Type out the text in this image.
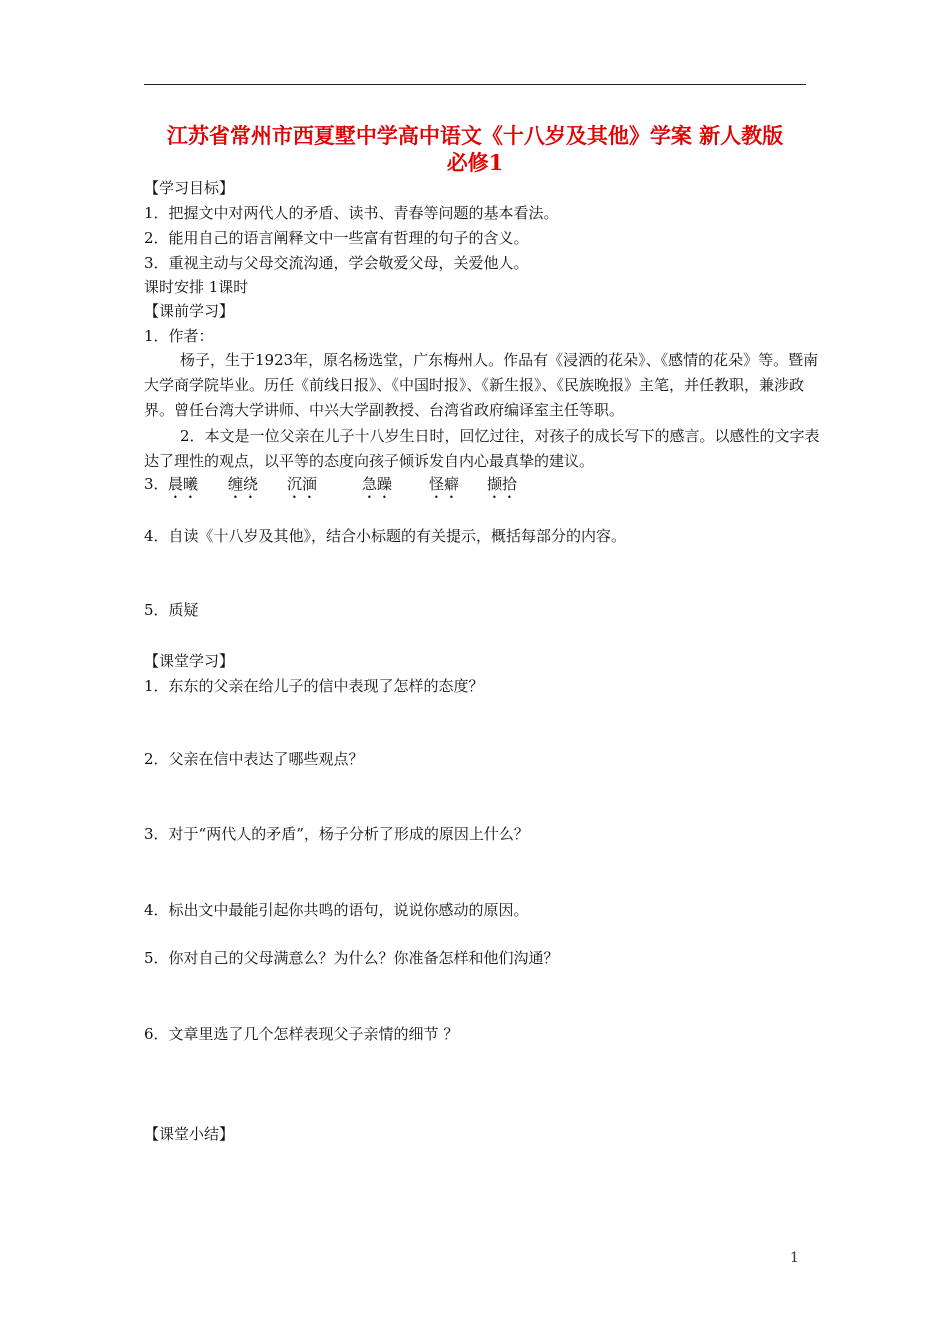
江苏省常州市西夏墅中学高中语文《十八岁及其他》学案 新人教版
必修1
【学习目标】
1．把握文中对两代人的矛盾、读书、青春等问题的基本看法。
2．能用自己的语言阐释文中一些富有哲理的句子的含义。
3．重视主动与父母交流沟通，学会敬爱父母，关爱他人。
课时安排 1课时
【课前学习】
1．作者：
杨子，生于1923年，原名杨选堂，广东梅州人。作品有《浸洒的花朵》、《感情的花朵》等。暨南大学商学院毕业。历任《前线日报》、《中国时报》、《新生报》、《民族晚报》主笔，并任教职，兼涉政界。曾任台湾大学讲师、中兴大学副教授、台湾省政府编译室主任等职。
2．本文是一位父亲在儿子十八岁生日时，回忆过往，对孩子的成长写下的感言。以感性的文字表达了理性的观点，以平等的态度向孩子倾诉发自内心最真挚的建议。
3． 晨曦 缠绕 沉湎	急躁 怪癖 撷拾
4．自读《十八岁及其他》，结合小标题的有关提示，概括每部分的内容。
5．质疑
【课堂学习】
1．东东的父亲在给儿子的信中表现了怎样的态度？
2．父亲在信中表达了哪些观点？
3．对于“两代人的矛盾”，杨子分析了形成的原因上什么？
4．标出文中最能引起你共鸣的语句，说说你感动的原因。
5．你对自己的父母满意么？为什么？你准备怎样和他们沟通？
6．文章里选了几个怎样表现父子亲情的细节 ？
【课堂小结】
1
